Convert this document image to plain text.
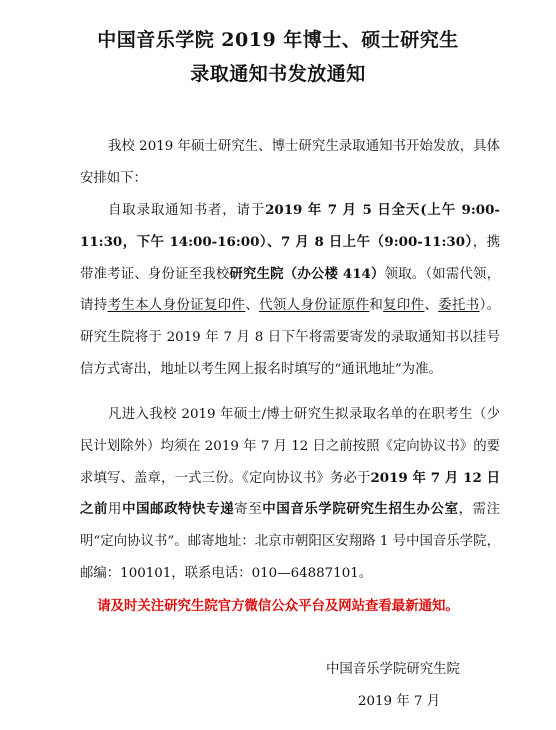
中国音乐学院 2019 年博士、硕士研究生
录取通知书发放通知
我校 2019 年硕士研究生、博士研究生录取通知书开始发放，具体安排如下：
自取录取通知书者，请于2019 年 7 月 5 日全天(上午 9:00-11:30，下午 14:00-16:00）、7 月 8 日上午（9:00-11:30），携带准考证、身份证至我校研究生院（办公楼 414）领取。（如需代领，请持考生本人身份证复印件、代领人身份证原件和复印件、委托书）。研究生院将于 2019 年 7 月 8 日下午将需要寄发的录取通知书以挂号信方式寄出，地址以考生网上报名时填写的“通讯地址”为准。
凡进入我校 2019 年硕士/博士研究生拟录取名单的在职考生（少民计划除外）均须在 2019 年 7 月 12 日之前按照《定向协议书》的要求填写、盖章，一式三份。《定向协议书》务必于2019 年 7 月 12 日之前用中国邮政特快专递寄至中国音乐学院研究生招生办公室，需注明“定向协议书”。邮寄地址：北京市朝阳区安翔路 1 号中国音乐学院，邮编：100101，联系电话：010—64887101。
请及时关注研究生院官方微信公众平台及网站查看最新通知。
中国音乐学院研究生院
2019 年 7 月
